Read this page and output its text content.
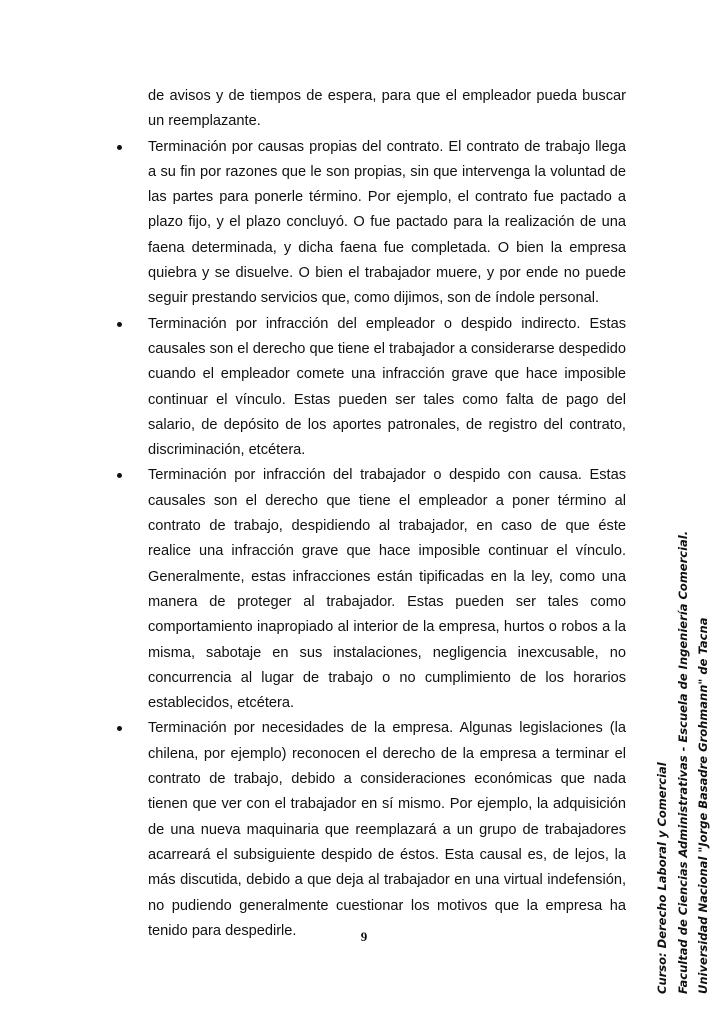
de avisos y de tiempos de espera, para que el empleador pueda buscar un reemplazante.

Terminación por causas propias del contrato. El contrato de trabajo llega a su fin por razones que le son propias, sin que intervenga la voluntad de las partes para ponerle término. Por ejemplo, el contrato fue pactado a plazo fijo, y el plazo concluyó. O fue pactado para la realización de una faena determinada, y dicha faena fue completada. O bien la empresa quiebra y se disuelve. O bien el trabajador muere, y por ende no puede seguir prestando servicios que, como dijimos, son de índole personal.

Terminación por infracción del empleador o despido indirecto. Estas causales son el derecho que tiene el trabajador a considerarse despedido cuando el empleador comete una infracción grave que hace imposible continuar el vínculo. Estas pueden ser tales como falta de pago del salario, de depósito de los aportes patronales, de registro del contrato, discriminación, etcétera.

Terminación por infracción del trabajador o despido con causa. Estas causales son el derecho que tiene el empleador a poner término al contrato de trabajo, despidiendo al trabajador, en caso de que éste realice una infracción grave que hace imposible continuar el vínculo. Generalmente, estas infracciones están tipificadas en la ley, como una manera de proteger al trabajador. Estas pueden ser tales como comportamiento inapropiado al interior de la empresa, hurtos o robos a la misma, sabotaje en sus instalaciones, negligencia inexcusable, no concurrencia al lugar de trabajo o no cumplimiento de los horarios establecidos, etcétera.

Terminación por necesidades de la empresa. Algunas legislaciones (la chilena, por ejemplo) reconocen el derecho de la empresa a terminar el contrato de trabajo, debido a consideraciones económicas que nada tienen que ver con el trabajador en sí mismo. Por ejemplo, la adquisición de una nueva maquinaria que reemplazará a un grupo de trabajadores acarreará el subsiguiente despido de éstos. Esta causal es, de lejos, la más discutida, debido a que deja al trabajador en una virtual indefensión, no pudiendo generalmente cuestionar los motivos que la empresa ha tenido para despedirle.	9	Curso: Derecho Laboral y Comercial Facultad de Ciencias Administrativas - Escuela de Ingeniería Comercial. Universidad Nacional "Jorge Basadre Grohmann" de Tacna
